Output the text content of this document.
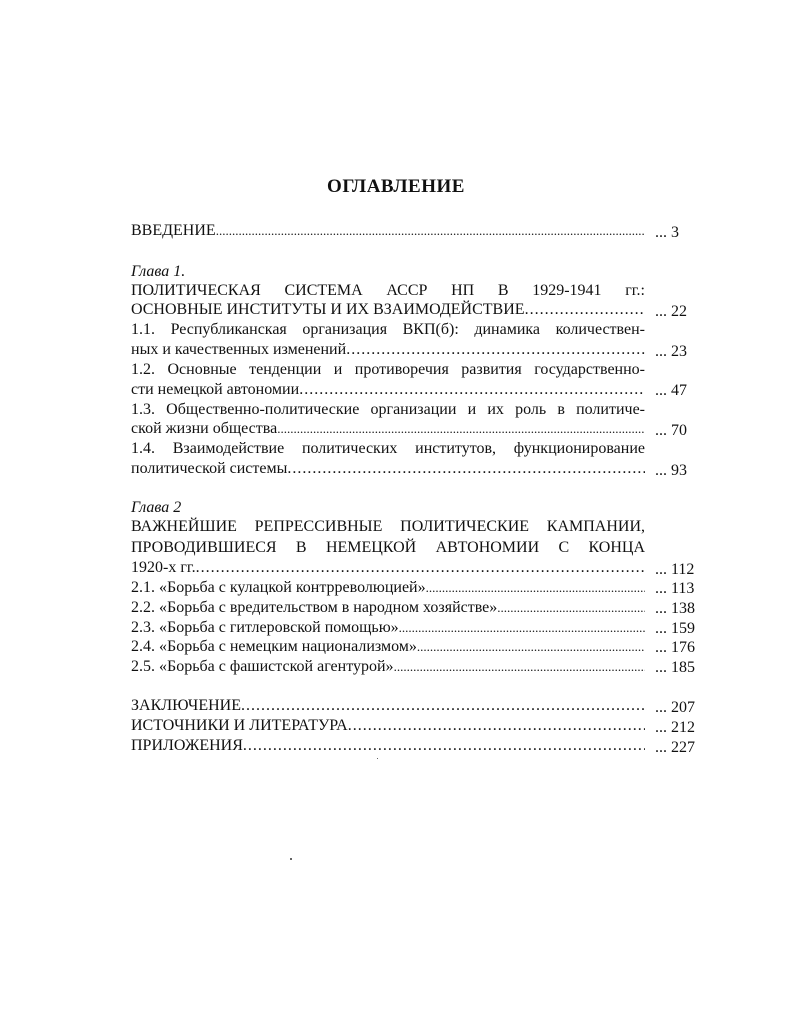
ОГЛАВЛЕНИЕ
ВВЕДЕНИЕ .....	... 3
Глава 1.
ПОЛИТИЧЕСКАЯ СИСТЕМА АССР НП В 1929-1941 гг.:
ОСНОВНЫЕ ИНСТИТУТЫ И ИХ ВЗАИМОДЕЙСТВИЕ .....	... 22
1.1. Республиканская организация ВКП(б): динамика количествен-
ных и качественных изменений .....	... 23
1.2. Основные тенденции и противоречия развития государственно-
сти немецкой автономии .....	... 47
1.3. Общественно-политические организации и их роль в политиче-
ской жизни общества .....	... 70
1.4. Взаимодействие политических институтов, функционирование
политической системы .....	... 93
Глава 2
ВАЖНЕЙШИЕ РЕПРЕССИВНЫЕ ПОЛИТИЧЕСКИЕ КАМПАНИИ,
ПРОВОДИВШИЕСЯ В НЕМЕЦКОЙ АВТОНОМИИ С КОНЦА
1920-х гг. .....	... 112
2.1. «Борьба с кулацкой контрреволюцией» .....	... 113
2.2. «Борьба с вредительством в народном хозяйстве» .....	... 138
2.3. «Борьба с гитлеровской помощью» .....	... 159
2.4. «Борьба с немецким национализмом» .....	... 176
2.5. «Борьба с фашистской агентурой» .....	... 185
ЗАКЛЮЧЕНИЕ .....	... 207
ИСТОЧНИКИ И ЛИТЕРАТУРА .....	... 212
ПРИЛОЖЕНИЯ .....	... 227
